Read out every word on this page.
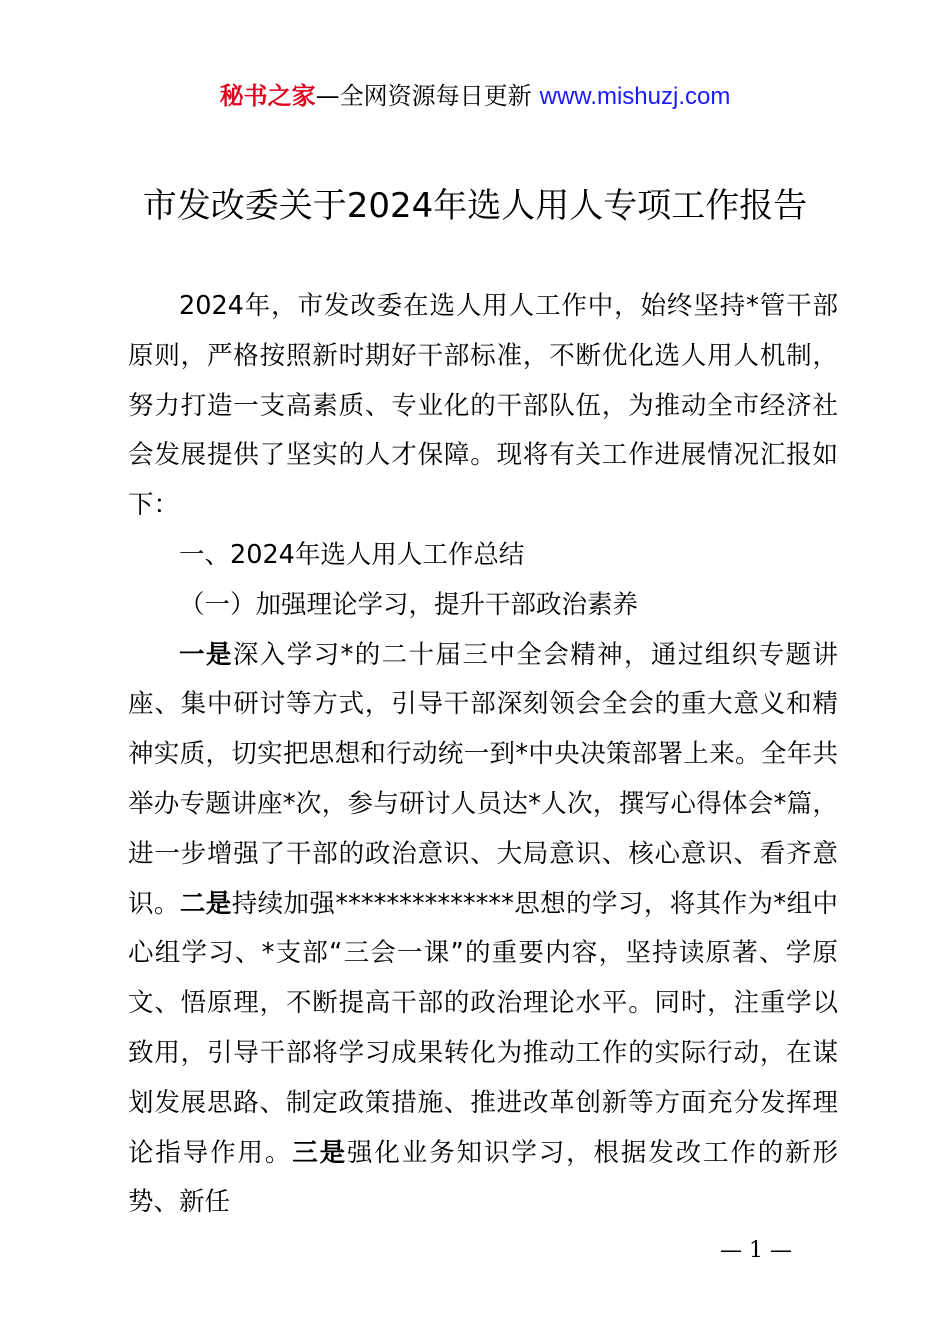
秘书之家—全网资源每日更新 www.mishuzj.com
市发改委关于2024年选人用人专项工作报告

2024年，市发改委在选人用人工作中，始终坚持*管干部原则，严格按照新时期好干部标准，不断优化选人用人机制，努力打造一支高素质、专业化的干部队伍，为推动全市经济社会发展提供了坚实的人才保障。现将有关工作进展情况汇报如下：

一、2024年选人用人工作总结

（一）加强理论学习，提升干部政治素养

一是深入学习*的二十届三中全会精神，通过组织专题讲座、集中研讨等方式，引导干部深刻领会全会的重大意义和精神实质，切实把思想和行动统一到*中央决策部署上来。全年共举办专题讲座*次，参与研讨人员达*人次，撰写心得体会*篇，进一步增强了干部的政治意识、大局意识、核心意识、看齐意识。二是持续加强**************思想的学习，将其作为*组中心组学习、*支部“三会一课”的重要内容，坚持读原著、学原文、悟原理，不断提高干部的政治理论水平。同时，注重学以致用，引导干部将学习成果转化为推动工作的实际行动，在谋划发展思路、制定政策措施、推进改革创新等方面充分发挥理论指导作用。三是强化业务知识学习，根据发改工作的新形势、新任

— 1 —
